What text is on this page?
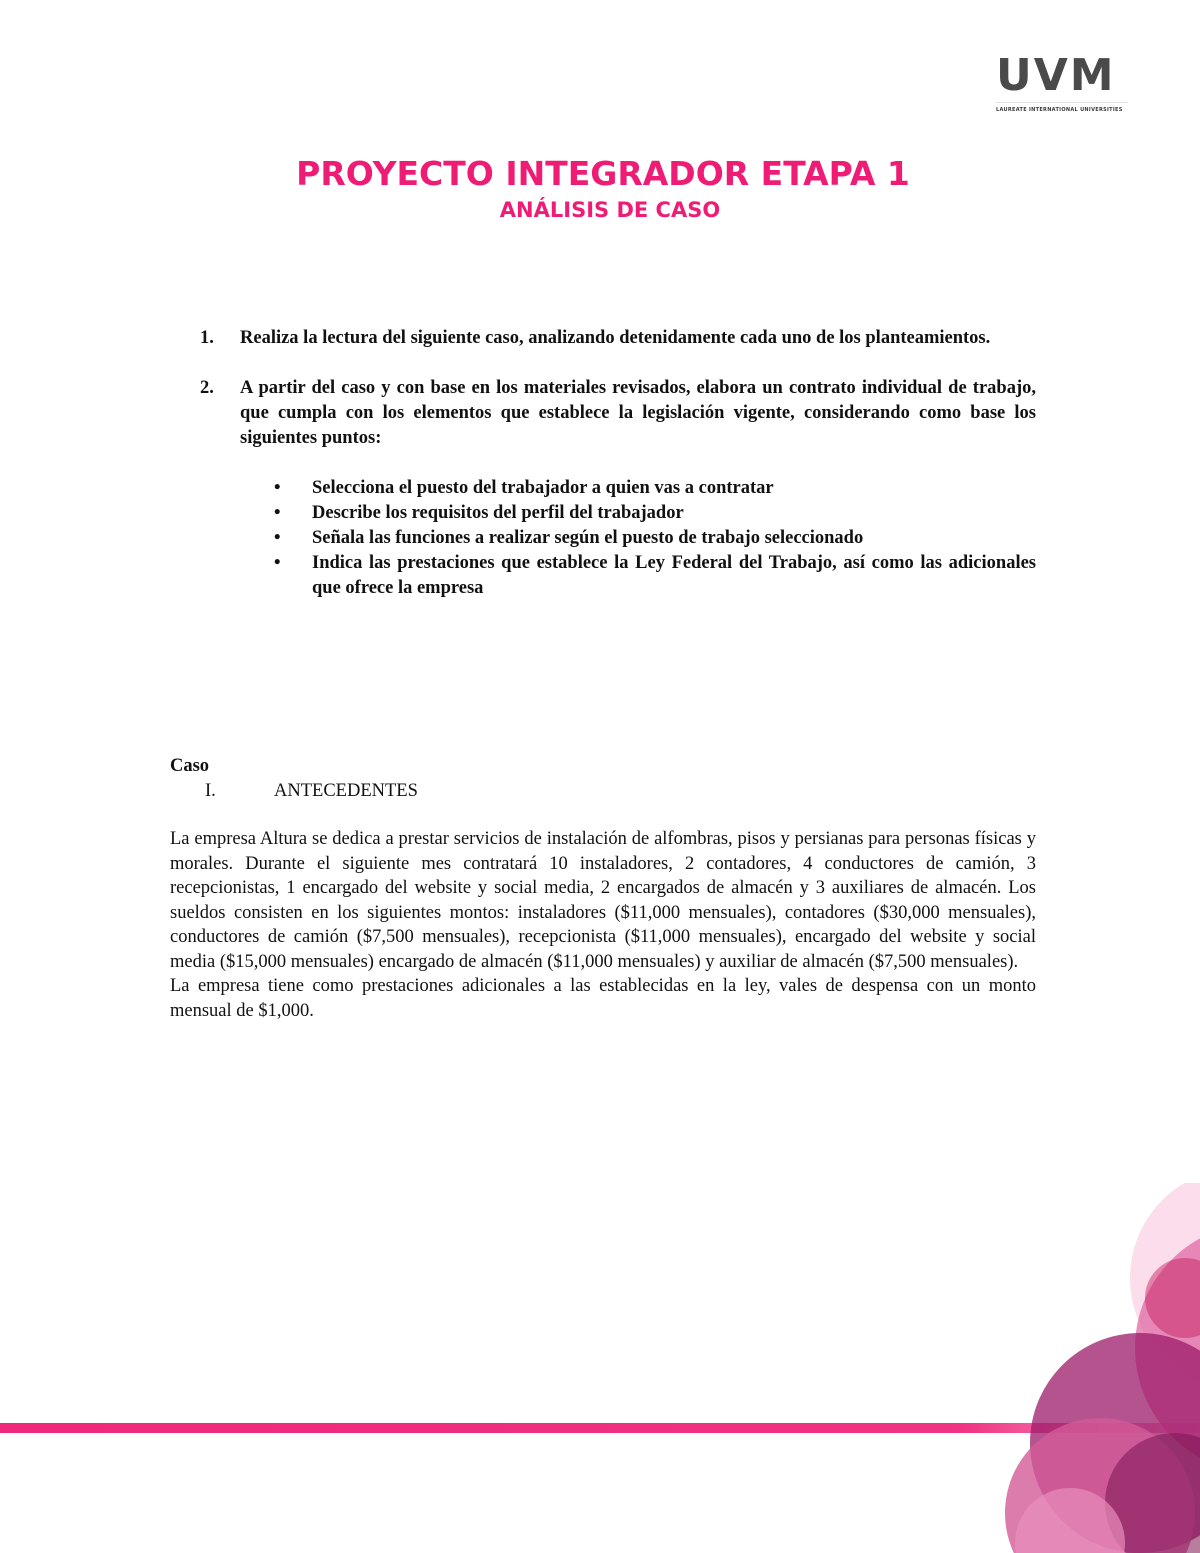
UVM
LAUREATE INTERNATIONAL UNIVERSITIES
PROYECTO INTEGRADOR ETAPA 1
ANÁLISIS DE CASO
1. Realiza la lectura del siguiente caso, analizando detenidamente cada uno de los planteamientos.
2. A partir del caso y con base en los materiales revisados, elabora un contrato individual de trabajo, que cumpla con los elementos que establece la legislación vigente, considerando como base los siguientes puntos:
• Selecciona el puesto del trabajador a quien vas a contratar
• Describe los requisitos del perfil del trabajador
• Señala las funciones a realizar según el puesto de trabajo seleccionado
• Indica las prestaciones que establece la Ley Federal del Trabajo, así como las adicionales que ofrece la empresa
Caso
I.	ANTECEDENTES

La empresa Altura se dedica a prestar servicios de instalación de alfombras, pisos y persianas para personas físicas y morales. Durante el siguiente mes contratará 10 instaladores, 2 contadores, 4 conductores de camión, 3 recepcionistas, 1 encargado del website y social media, 2 encargados de almacén y 3 auxiliares de almacén. Los sueldos consisten en los siguientes montos: instaladores ($11,000 mensuales), contadores ($30,000 mensuales), conductores de camión ($7,500 mensuales), recepcionista ($11,000 mensuales), encargado del website y social media ($15,000 mensuales) encargado de almacén ($11,000 mensuales) y auxiliar de almacén ($7,500 mensuales).

La empresa tiene como prestaciones adicionales a las establecidas en la ley, vales de despensa con un monto mensual de $1,000.
